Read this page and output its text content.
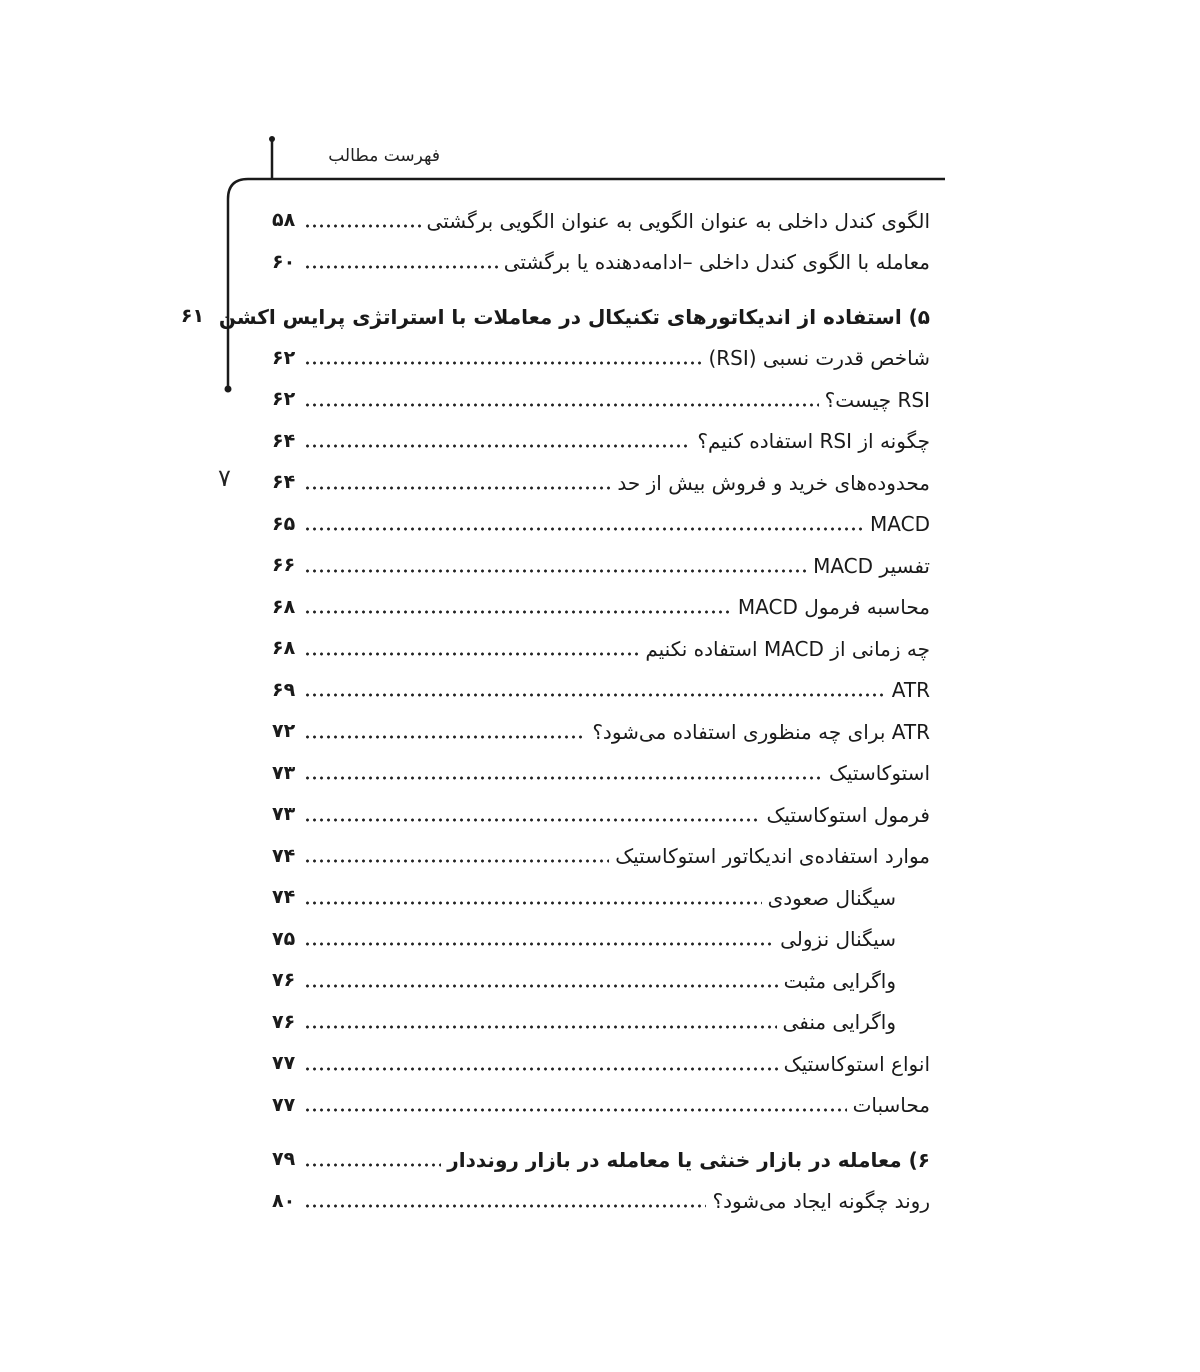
فهرست مطالب
۷
الگوی کندل داخلی به عنوان الگویی به عنوان الگویی برگشتی
۵۸
معامله با الگوی کندل داخلی –ادامه‌دهنده یا برگشتی
۶۰
۵) استفاده از اندیکاتورهای تکنیکال در معاملات با استراتژی پرایس اکشن
۶۱
شاخص قدرت نسبی (RSI)
۶۲
RSI چیست؟
۶۲
چگونه از RSI استفاده کنیم؟
۶۴
محدوده‌های خرید و فروش بیش از حد
۶۴
MACD
۶۵
تفسیر MACD
۶۶
محاسبه فرمول MACD
۶۸
چه زمانی از MACD استفاده نکنیم
۶۸
ATR
۶۹
ATR برای چه منظوری استفاده می‌شود؟
۷۲
استوکاستیک
۷۳
فرمول استوکاستیک
۷۳
موارد استفاده‌ی اندیکاتور استوکاستیک
۷۴
سیگنال صعودی
۷۴
سیگنال نزولی
۷۵
واگرایی مثبت
۷۶
واگرایی منفی
۷۶
انواع استوکاستیک
۷۷
محاسبات
۷۷
۶) معامله در بازار خنثی یا معامله در بازار روند‌دار
۷۹
روند چگونه ایجاد می‌شود؟
۸۰
